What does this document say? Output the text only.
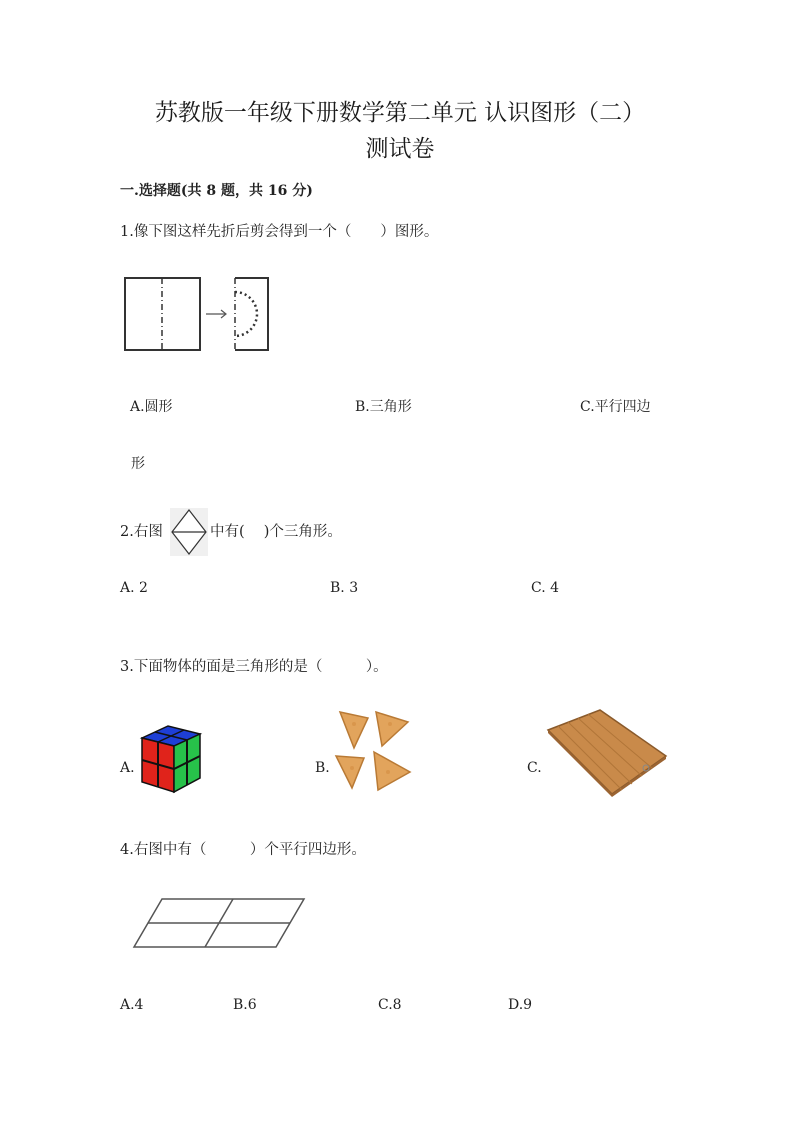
苏教版一年级下册数学第二单元 认识图形（二）
测试卷
一.选择题(共 8 题，共 16 分)
1.像下图这样先折后剪会得到一个（　　）图形。
A.圆形	B.三角形	C.平行四边
形
2.右图	中有(　 )个三角形。
A. 2	B. 3	C. 4
3.下面物体的面是三角形的是（　　　）。
A.	B.	C.
4.右图中有（　　　）个平行四边形。
A.4	B.6	C.8	D.9
